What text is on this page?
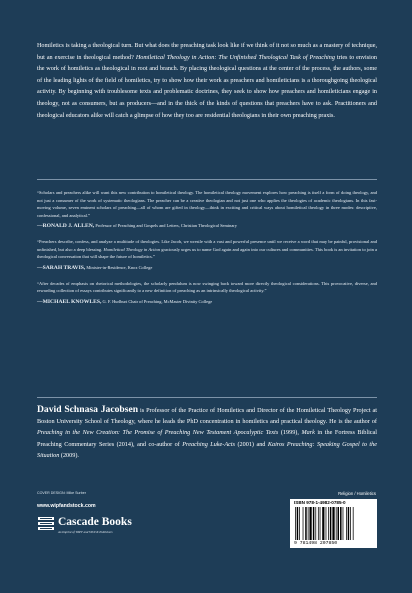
Homiletics is taking a theological turn. But what does the preaching task look like if we think of it not so much as a mastery of technique, but an exercise in theological method? Homiletical Theology in Action: The Unfinished Theological Task of Preaching tries to envision the work of homiletics as theological in root and branch. By placing theological questions at the center of the process, the authors, some of the leading lights of the field of homiletics, try to show how their work as preachers and homileticians is a thoroughgoing theological activity. By beginning with troublesome texts and problematic doctrines, they seek to show how preachers and homileticians engage in theology, not as consumers, but as producers—and in the thick of the kinds of questions that preachers have to ask. Practitioners and theological educators alike will catch a glimpse of how they too are residential theologians in their own preaching praxis.

“Scholars and preachers alike will want this new contribution to homiletical theology. The homiletical theology movement explores how preaching is itself a form of doing theology, and not just a consumer of the work of systematic theologians. The preacher can be a creative theologian and not just one who applies the theologies of academic theologians. In this fast-moving volume, seven eminent scholars of preaching—all of whom are gifted in theology—think in exciting and critical ways about homiletical theology in three modes: descriptive, confessional, and analytical.”

—RONALD J. ALLEN, Professor of Preaching and Gospels and Letters, Christian Theological Seminary

“Preachers describe, confess, and analyze a multitude of theologies. Like Jacob, we wrestle with a vast and powerful presence until we receive a word that may be painful, provisional and unfinished, but also a deep blessing. Homiletical Theology in Action graciously urges us to name God again and again into our cultures and communities. This book is an invitation to join a theological conversation that will shape the future of homiletics.”

—SARAH TRAVIS, Minister-in-Residence, Knox College

“After decades of emphasis on rhetorical methodologies, the scholarly pendulum is now swinging back toward more directly theological considerations. This provocative, diverse, and rewarding collection of essays contributes significantly to a new definition of preaching as an intrinsically theological activity.”

—MICHAEL KNOWLES, G. F. Hurlburt Chair of Preaching, McMaster Divinity College

David Schnasa Jacobsen is Professor of the Practice of Homiletics and Director of the Homiletical Theology Project at Boston University School of Theology, where he leads the PhD concentration in homiletics and practical theology. He is the author of Preaching in the New Creation: The Promise of Preaching New Testament Apocalyptic Texts (1999), Mark in the Fortress Biblical Preaching Commentary Series (2014), and co-author of Preaching Luke-Acts (2001) and Kairos Preaching: Speaking Gospel to the Situation (2009).

COVER DESIGN: Mike Surber
www.wipfandstock.com
Cascade Books
An Imprint of WIPF and STOCK Publishers
Religion / Homiletics
ISBN 978-1-4982-0785-0
9 781498 207850
